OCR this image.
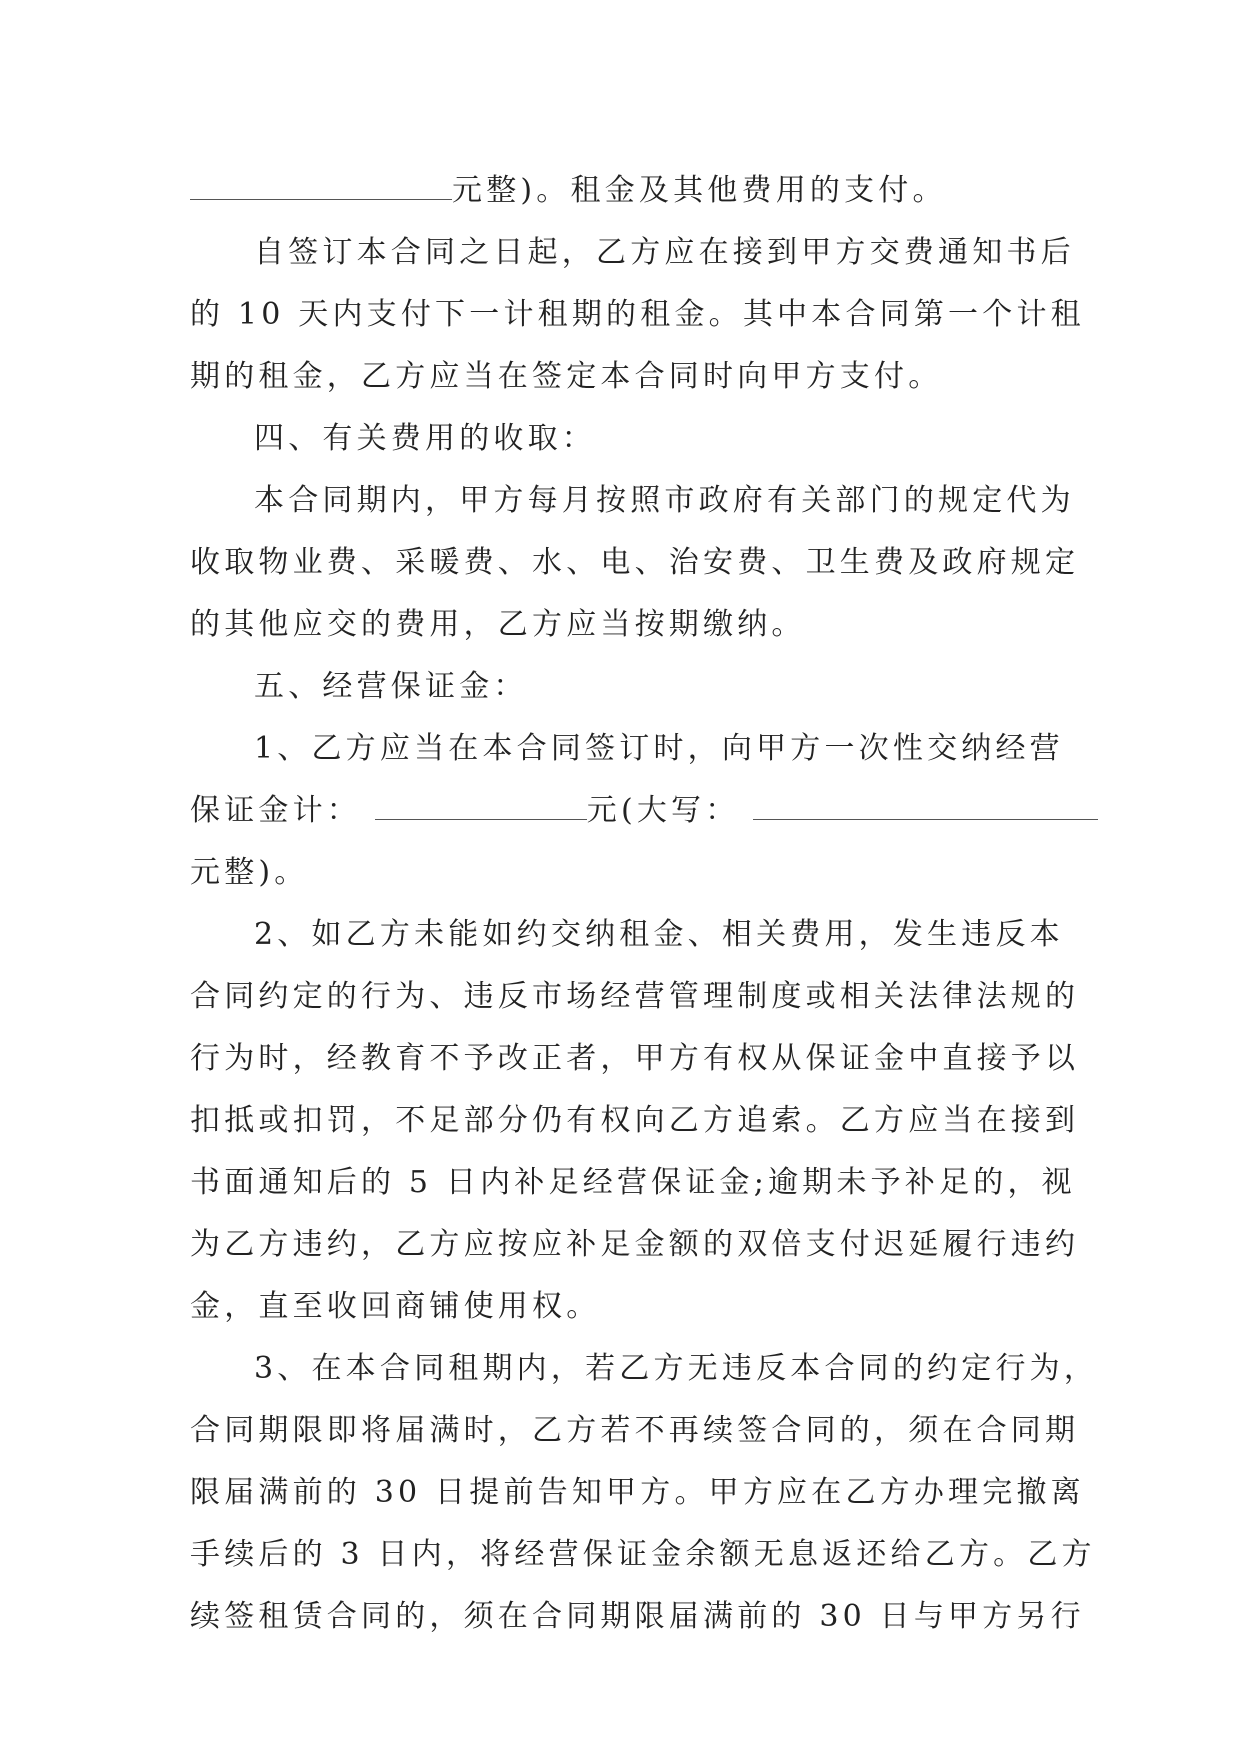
元整)。租金及其他费用的支付。
自签订本合同之日起，乙方应在接到甲方交费通知书后
的 10 天内支付下一计租期的租金。其中本合同第一个计租
期的租金，乙方应当在签定本合同时向甲方支付。
四、有关费用的收取：
本合同期内，甲方每月按照市政府有关部门的规定代为
收取物业费、采暖费、水、电、治安费、卫生费及政府规定
的其他应交的费用，乙方应当按期缴纳。
五、经营保证金：
1、乙方应当在本合同签订时，向甲方一次性交纳经营
保证金计：	元(大写：
元整)。
2、如乙方未能如约交纳租金、相关费用，发生违反本
合同约定的行为、违反市场经营管理制度或相关法律法规的
行为时，经教育不予改正者，甲方有权从保证金中直接予以
扣抵或扣罚，不足部分仍有权向乙方追索。乙方应当在接到
书面通知后的 5 日内补足经营保证金;逾期未予补足的，视
为乙方违约，乙方应按应补足金额的双倍支付迟延履行违约
金，直至收回商铺使用权。
3、在本合同租期内，若乙方无违反本合同的约定行为，
合同期限即将届满时，乙方若不再续签合同的，须在合同期
限届满前的 30 日提前告知甲方。甲方应在乙方办理完撤离
手续后的 3 日内，将经营保证金余额无息返还给乙方。乙方
续签租赁合同的，须在合同期限届满前的 30 日与甲方另行
